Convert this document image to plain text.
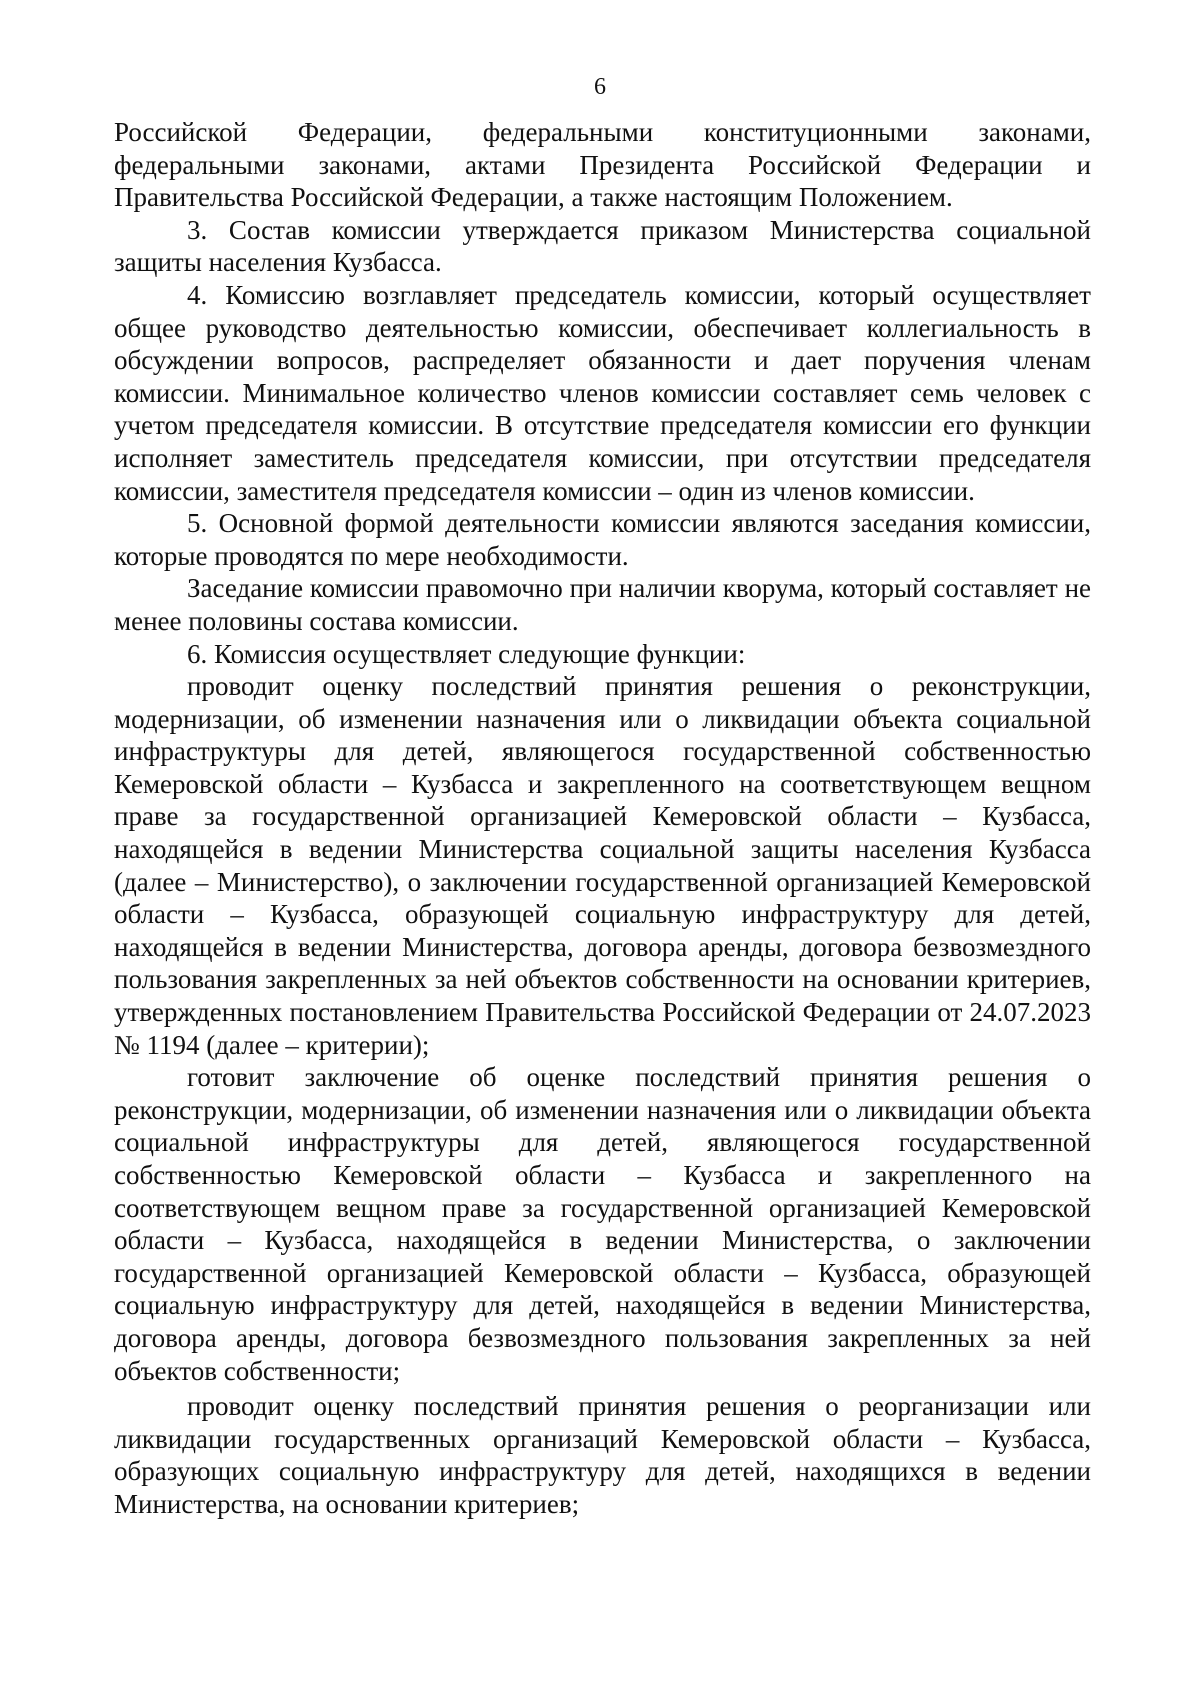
6

Российской Федерации, федеральными конституционными законами, федеральными законами, актами Президента Российской Федерации и Правительства Российской Федерации, а также настоящим Положением.

3. Состав комиссии утверждается приказом Министерства социальной защиты населения Кузбасса.

4. Комиссию возглавляет председатель комиссии, который осуществляет общее руководство деятельностью комиссии, обеспечивает коллегиальность в обсуждении вопросов, распределяет обязанности и дает поручения членам комиссии. Минимальное количество членов комиссии составляет семь человек с учетом председателя комиссии. В отсутствие председателя комиссии его функции исполняет заместитель председателя комиссии, при отсутствии председателя комиссии, заместителя председателя комиссии – один из членов комиссии.

5. Основной формой деятельности комиссии являются заседания комиссии, которые проводятся по мере необходимости.

Заседание комиссии правомочно при наличии кворума, который составляет не менее половины состава комиссии.

6. Комиссия осуществляет следующие функции:

проводит оценку последствий принятия решения о реконструкции, модернизации, об изменении назначения или о ликвидации объекта социальной инфраструктуры для детей, являющегося государственной собственностью Кемеровской области – Кузбасса и закрепленного на соответствующем вещном праве за государственной организацией Кемеровской области – Кузбасса, находящейся в ведении Министерства социальной защиты населения Кузбасса (далее – Министерство), о заключении государственной организацией Кемеровской области – Кузбасса, образующей социальную инфраструктуру для детей, находящейся в ведении Министерства, договора аренды, договора безвозмездного пользования закрепленных за ней объектов собственности на основании критериев, утвержденных постановлением Правительства Российской Федерации от 24.07.2023 № 1194 (далее – критерии);

готовит заключение об оценке последствий принятия решения о реконструкции, модернизации, об изменении назначения или о ликвидации объекта социальной инфраструктуры для детей, являющегося государственной собственностью Кемеровской области – Кузбасса и закрепленного на соответствующем вещном праве за государственной организацией Кемеровской области – Кузбасса, находящейся в ведении Министерства, о заключении государственной организацией Кемеровской области – Кузбасса, образующей социальную инфраструктуру для детей, находящейся в ведении Министерства, договора аренды, договора безвозмездного пользования закрепленных за ней объектов собственности;

проводит оценку последствий принятия решения о реорганизации или ликвидации государственных организаций Кемеровской области – Кузбасса, образующих социальную инфраструктуру для детей, находящихся в ведении Министерства, на основании критериев;
